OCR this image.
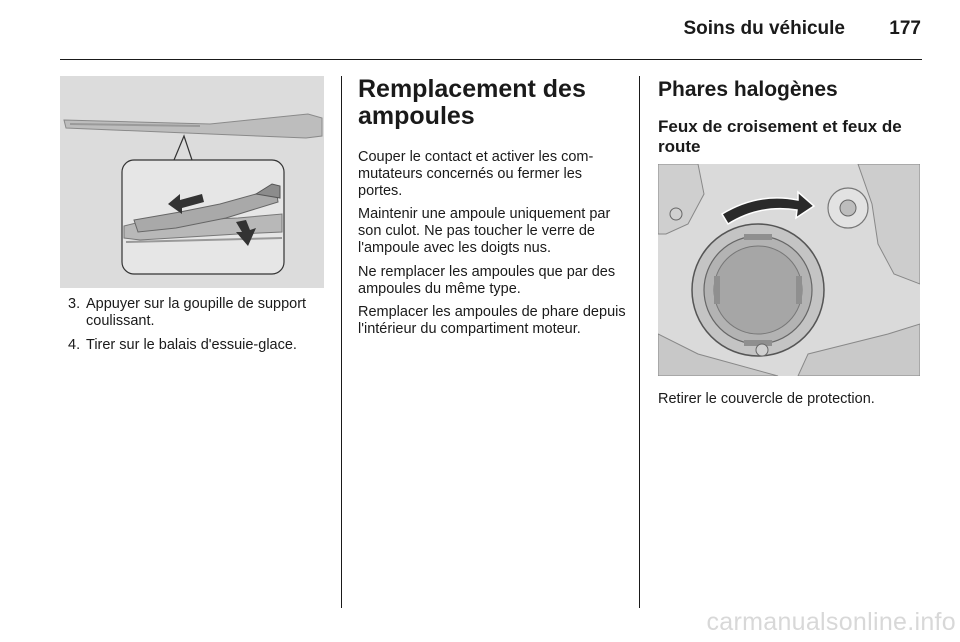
Soins du véhicule	177
3. Appuyer sur la goupille de support coulissant.
4. Tirer sur le balais d'essuie-glace.
Remplacement des ampoules
Couper le contact et activer les com- mutateurs concernés ou fermer les portes.
Maintenir une ampoule uniquement par son culot. Ne pas toucher le verre de l'ampoule avec les doigts nus.
Ne remplacer les ampoules que par des ampoules du même type.
Remplacer les ampoules de phare depuis l'intérieur du compartiment moteur.
Phares halogènes
Feux de croisement et feux de route
Retirer le couvercle de protection.
carmanualsonline.info
